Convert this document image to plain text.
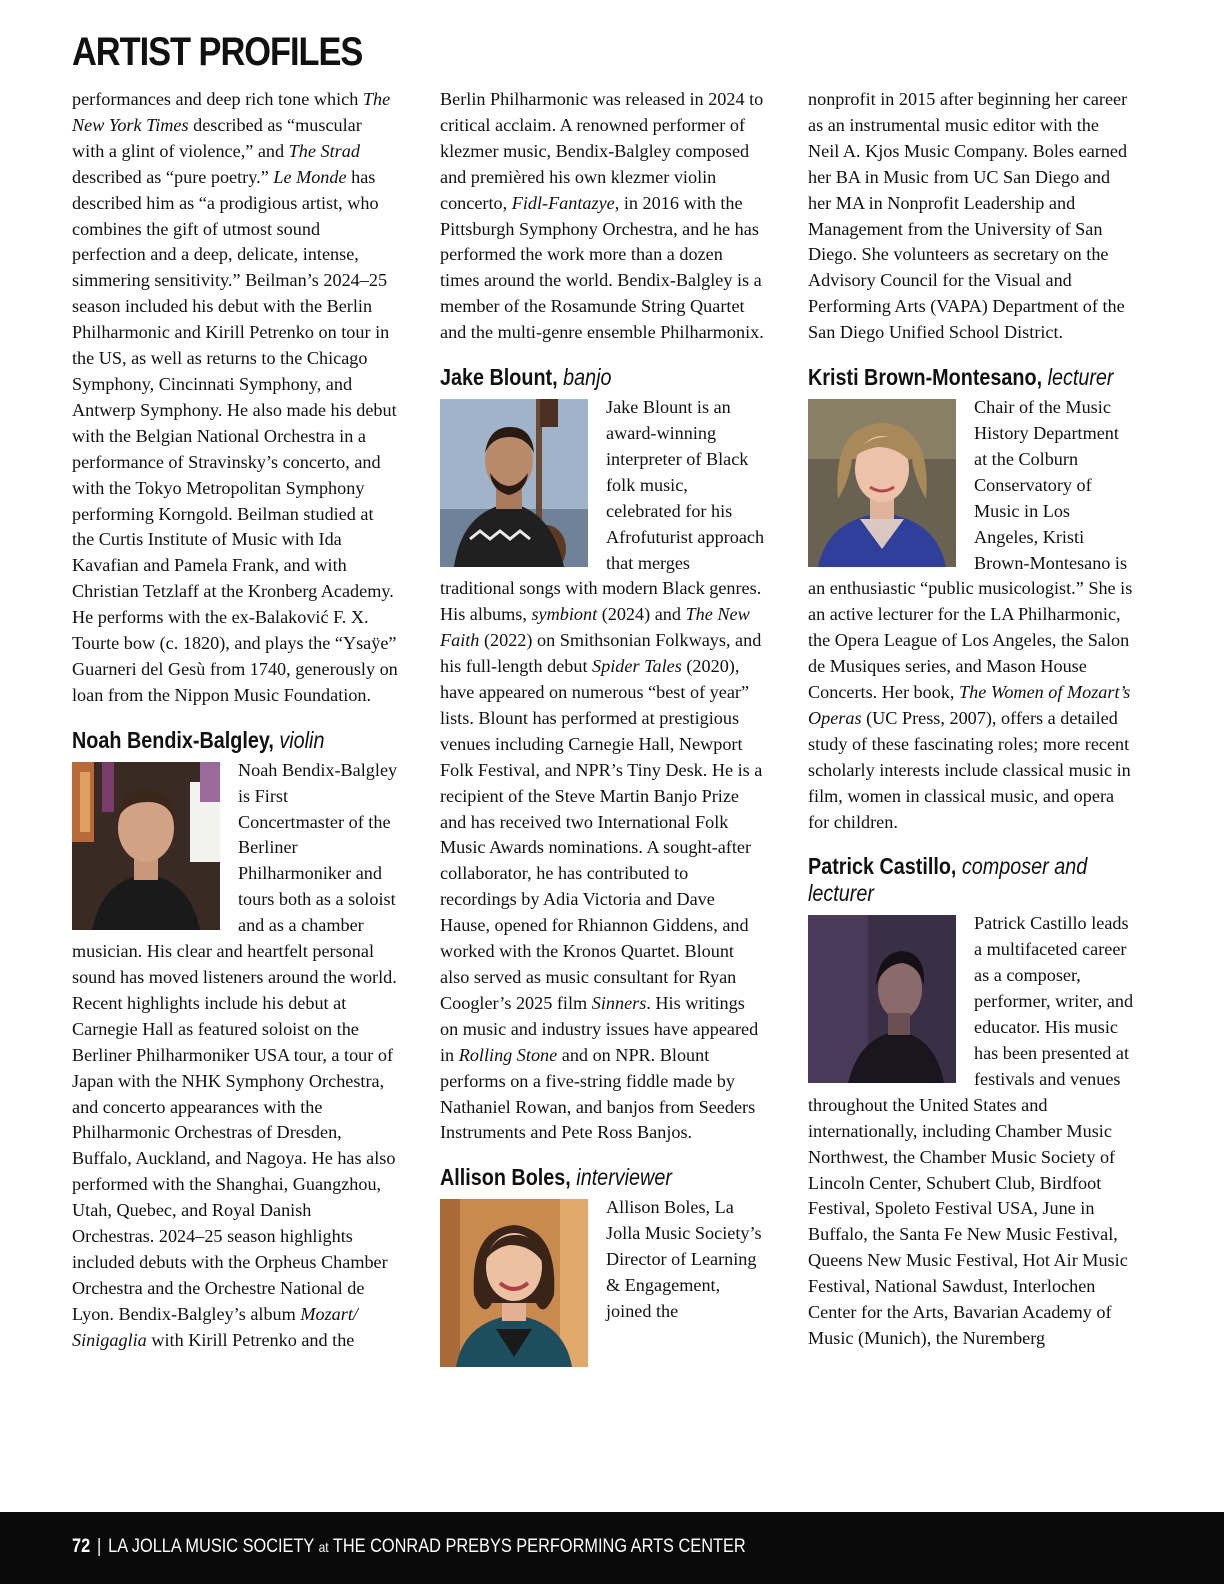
ARTIST PROFILES

performances and deep rich tone which The New York Times described as “muscular with a glint of violence,” and The Strad described as “pure poetry.” Le Monde has described him as “a prodigious artist, who combines the gift of utmost sound perfection and a deep, delicate, intense, simmering sensitivity.” Beilman’s 2024–25 season included his debut with the Berlin Philharmonic and Kirill Petrenko on tour in the US, as well as returns to the Chicago Symphony, Cincinnati Symphony, and Antwerp Symphony. He also made his debut with the Belgian National Orchestra in a performance of Stravinsky’s concerto, and with the Tokyo Metropolitan Symphony performing Korngold. Beilman studied at the Curtis Institute of Music with Ida Kavafian and Pamela Frank, and with Christian Tetzlaff at the Kronberg Academy. He performs with the ex-Balaković F. X. Tourte bow (c. 1820), and plays the “Ysaÿe” Guarneri del Gesù from 1740, generously on loan from the Nippon Music Foundation.

Noah Bendix-Balgley, violin

Noah Bendix-Balgley is First Concertmaster of the Berliner Philharmoniker and tours both as a soloist and as a chamber musician. His clear and heartfelt personal sound has moved listeners around the world. Recent highlights include his debut at Carnegie Hall as featured soloist on the Berliner Philharmoniker USA tour, a tour of Japan with the NHK Symphony Orchestra, and concerto appearances with the Philharmonic Orchestras of Dresden, Buffalo, Auckland, and Nagoya. He has also performed with the Shanghai, Guangzhou, Utah, Quebec, and Royal Danish Orchestras. 2024–25 season highlights included debuts with the Orpheus Chamber Orchestra and the Orchestre National de Lyon. Bendix-Balgley’s album Mozart/ Sinigaglia with Kirill Petrenko and the

Berlin Philharmonic was released in 2024 to critical acclaim. A renowned performer of klezmer music, Bendix-Balgley composed and premièred his own klezmer violin concerto, Fidl-Fantazye, in 2016 with the Pittsburgh Symphony Orchestra, and he has performed the work more than a dozen times around the world. Bendix-Balgley is a member of the Rosamunde String Quartet and the multi-genre ensemble Philharmonix.

Jake Blount, banjo

Jake Blount is an award-winning interpreter of Black folk music, celebrated for his Afrofuturist approach that merges traditional songs with modern Black genres. His albums, symbiont (2024) and The New Faith (2022) on Smithsonian Folkways, and his full-length debut Spider Tales (2020), have appeared on numerous “best of year” lists. Blount has performed at prestigious venues including Carnegie Hall, Newport Folk Festival, and NPR’s Tiny Desk. He is a recipient of the Steve Martin Banjo Prize and has received two International Folk Music Awards nominations. A sought-after collaborator, he has contributed to recordings by Adia Victoria and Dave Hause, opened for Rhiannon Giddens, and worked with the Kronos Quartet. Blount also served as music consultant for Ryan Coogler’s 2025 film Sinners. His writings on music and industry issues have appeared in Rolling Stone and on NPR. Blount performs on a five-string fiddle made by Nathaniel Rowan, and banjos from Seeders Instruments and Pete Ross Banjos.

Allison Boles, interviewer

Allison Boles, La Jolla Music Society’s Director of Learning & Engagement, joined the

nonprofit in 2015 after beginning her career as an instrumental music editor with the Neil A. Kjos Music Company. Boles earned her BA in Music from UC San Diego and her MA in Nonprofit Leadership and Management from the University of San Diego. She volunteers as secretary on the Advisory Council for the Visual and Performing Arts (VAPA) Department of the San Diego Unified School District.

Kristi Brown-Montesano, lecturer

Chair of the Music History Department at the Colburn Conservatory of Music in Los Angeles, Kristi Brown-Montesano is an enthusiastic “public musicologist.” She is an active lecturer for the LA Philharmonic, the Opera League of Los Angeles, the Salon de Musiques series, and Mason House Concerts. Her book, The Women of Mozart’s Operas (UC Press, 2007), offers a detailed study of these fascinating roles; more recent scholarly interests include classical music in film, women in classical music, and opera for children.

Patrick Castillo, composer and lecturer

Patrick Castillo leads a multifaceted career as a composer, performer, writer, and educator. His music has been presented at festivals and venues throughout the United States and internationally, including Chamber Music Northwest, the Chamber Music Society of Lincoln Center, Schubert Club, Birdfoot Festival, Spoleto Festival USA, June in Buffalo, the Santa Fe New Music Festival, Queens New Music Festival, Hot Air Music Festival, National Sawdust, Interlochen Center for the Arts, Bavarian Academy of Music (Munich), the Nuremberg

72 | LA JOLLA MUSIC SOCIETY at THE CONRAD PREBYS PERFORMING ARTS CENTER
